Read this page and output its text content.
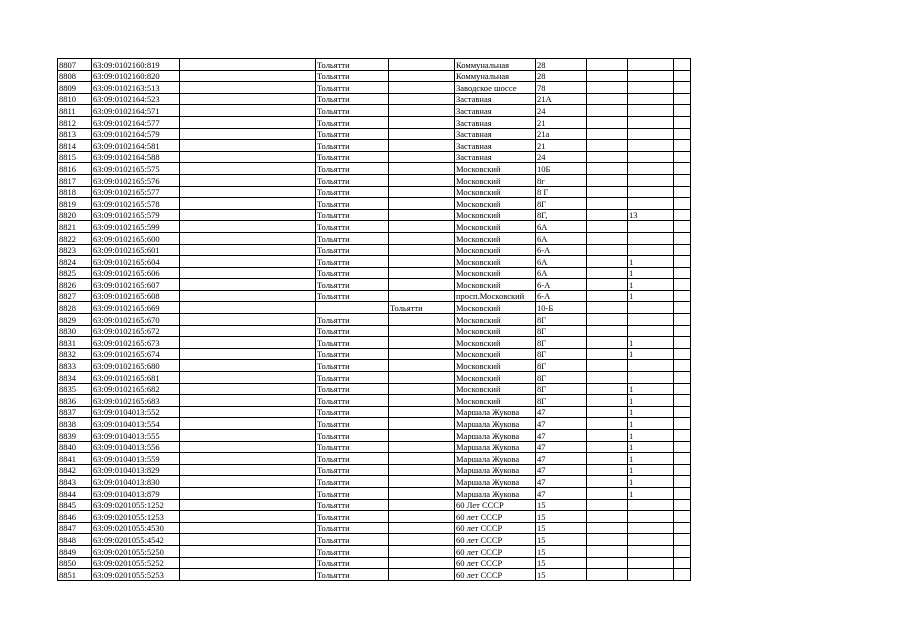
8807	63:09:0102160:819		Тольятти		Коммунальная	28			
8808	63:09:0102160:820		Тольятти		Коммунальная	28			
8809	63:09:0102163:513		Тольятти		Заводское шоссе	78			
8810	63:09:0102164:523		Тольятти		Заставная	21А			
8811	63:09:0102164:571		Тольятти		Заставная	24			
8812	63:09:0102164:577		Тольятти		Заставная	21			
8813	63:09:0102164:579		Тольятти		Заставная	21а			
8814	63:09:0102164:581		Тольятти		Заставная	21			
8815	63:09:0102164:588		Тольятти		Заставная	24			
8816	63:09:0102165:575		Тольятти		Московский	10Б			
8817	63:09:0102165:576		Тольятти		Московский	8г			
8818	63:09:0102165:577		Тольятти		Московский	8 Г			
8819	63:09:0102165:578		Тольятти		Московский	8Г			
8820	63:09:0102165:579		Тольятти		Московский	8Г,		13	
8821	63:09:0102165:599		Тольятти		Московский	6А			
8822	63:09:0102165:600		Тольятти		Московский	6А			
8823	63:09:0102165:601		Тольятти		Московский	6-А			
8824	63:09:0102165:604		Тольятти		Московский	6А		1	
8825	63:09:0102165:606		Тольятти		Московский	6А		1	
8826	63:09:0102165:607		Тольятти		Московский	6-А		1	
8827	63:09:0102165:608		Тольятти		просп.Московский	6-А		1	
8828	63:09:0102165:669			Тольятти	Московский	10-Б			
8829	63:09:0102165:670		Тольятти		Московский	8Г			
8830	63:09:0102165:672		Тольятти		Московский	8Г			
8831	63:09:0102165:673		Тольятти		Московский	8Г		1	
8832	63:09:0102165:674		Тольятти		Московский	8Г		1	
8833	63:09:0102165:680		Тольятти		Московский	8Г			
8834	63:09:0102165:681		Тольятти		Московский	8Г			
8835	63:09:0102165:682		Тольятти		Московский	8Г		1	
8836	63:09:0102165:683		Тольятти		Московский	8Г		1	
8837	63:09:0104013:552		Тольятти		Маршала Жукова	47		1	
8838	63:09:0104013:554		Тольятти		Маршала Жукова	47		1	
8839	63:09:0104013:555		Тольятти		Маршала Жукова	47		1	
8840	63:09:0104013:556		Тольятти		Маршала Жукова	47		1	
8841	63:09:0104013:559		Тольятти		Маршала Жукова	47		1	
8842	63:09:0104013:829		Тольятти		Маршала Жукова	47		1	
8843	63:09:0104013:830		Тольятти		Маршала Жукова	47		1	
8844	63:09:0104013:879		Тольятти		Маршала Жукова	47		1	
8845	63:09:0201055:1252		Тольятти		60 Лет СССР	15			
8846	63:09:0201055:1253		Тольятти		60 лет СССР	15			
8847	63:09:0201055:4530		Тольятти		60 лет СССР	15			
8848	63:09:0201055:4542		Тольятти		60 лет СССР	15			
8849	63:09:0201055:5250		Тольятти		60 лет СССР	15			
8850	63:09:0201055:5252		Тольятти		60 лет СССР	15			
8851	63:09:0201055:5253		Тольятти		60 лет СССР	15			
